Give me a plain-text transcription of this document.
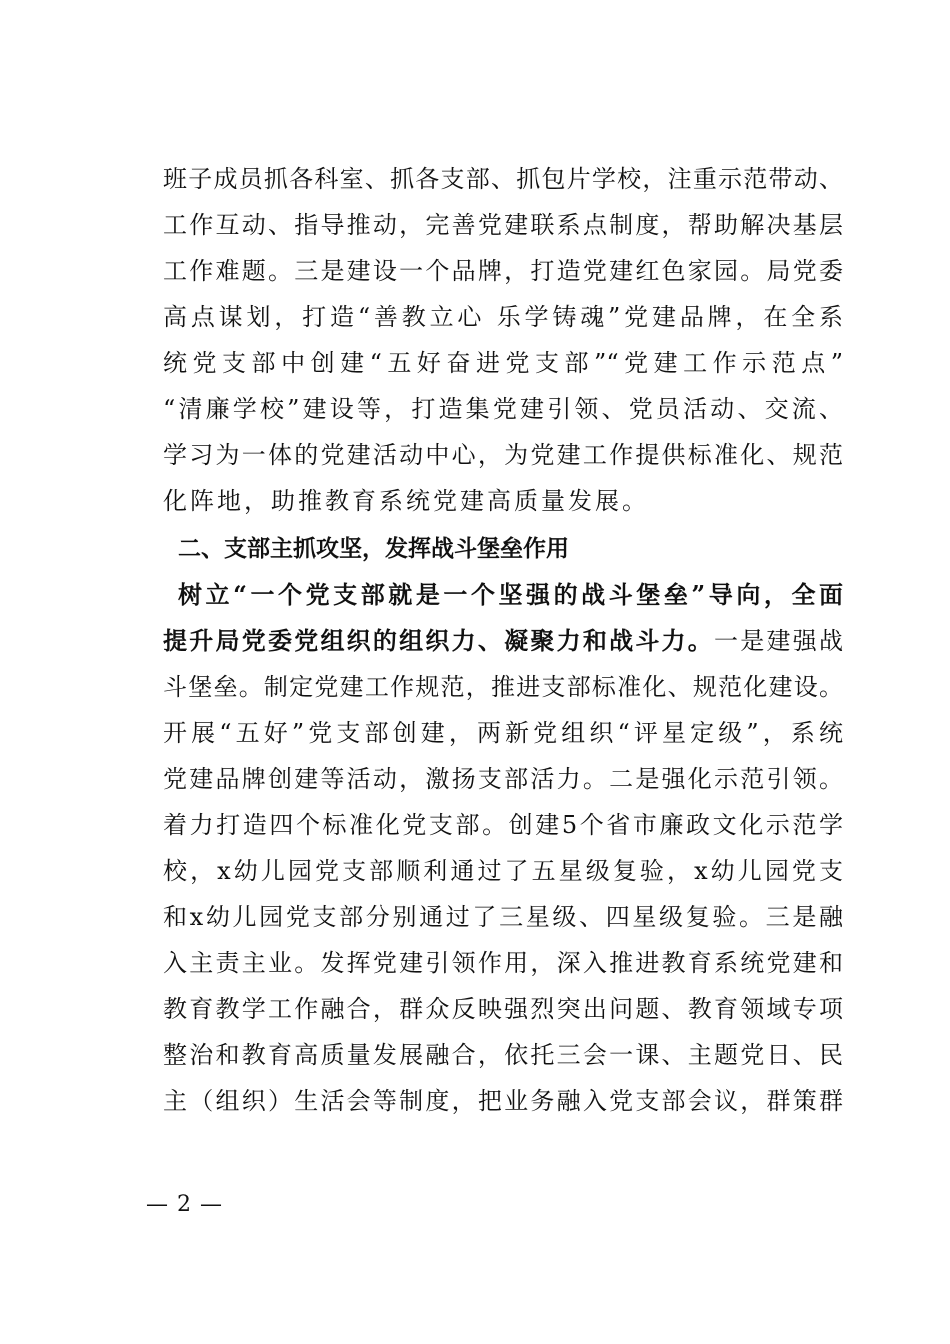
班子成员抓各科室、抓各支部、抓包片学校，注重示范带动、
工作互动、指导推动，完善党建联系点制度，帮助解决基层
工作难题。三是建设一个品牌，打造党建红色家园。局党委
高点谋划，打造“善教立心 乐学铸魂”党建品牌，在全系
统党支部中创建“五好奋进党支部”“党建工作示范点”
“清廉学校”建设等，打造集党建引领、党员活动、交流、
学习为一体的党建活动中心，为党建工作提供标准化、规范
化阵地，助推教育系统党建高质量发展。
二、支部主抓攻坚，发挥战斗堡垒作用
树立“一个党支部就是一个坚强的战斗堡垒”导向，全面
提升局党委党组织的组织力、凝聚力和战斗力。一是建强战
斗堡垒。制定党建工作规范，推进支部标准化、规范化建设。
开展“五好”党支部创建，两新党组织“评星定级”，系统
党建品牌创建等活动，激扬支部活力。二是强化示范引领。
着力打造四个标准化党支部。创建5个省市廉政文化示范学
校，x幼儿园党支部顺利通过了五星级复验，x幼儿园党支
和x幼儿园党支部分别通过了三星级、四星级复验。三是融
入主责主业。发挥党建引领作用，深入推进教育系统党建和
教育教学工作融合，群众反映强烈突出问题、教育领域专项
整治和教育高质量发展融合，依托三会一课、主题党日、民
主（组织）生活会等制度，把业务融入党支部会议，群策群
— 2 —
